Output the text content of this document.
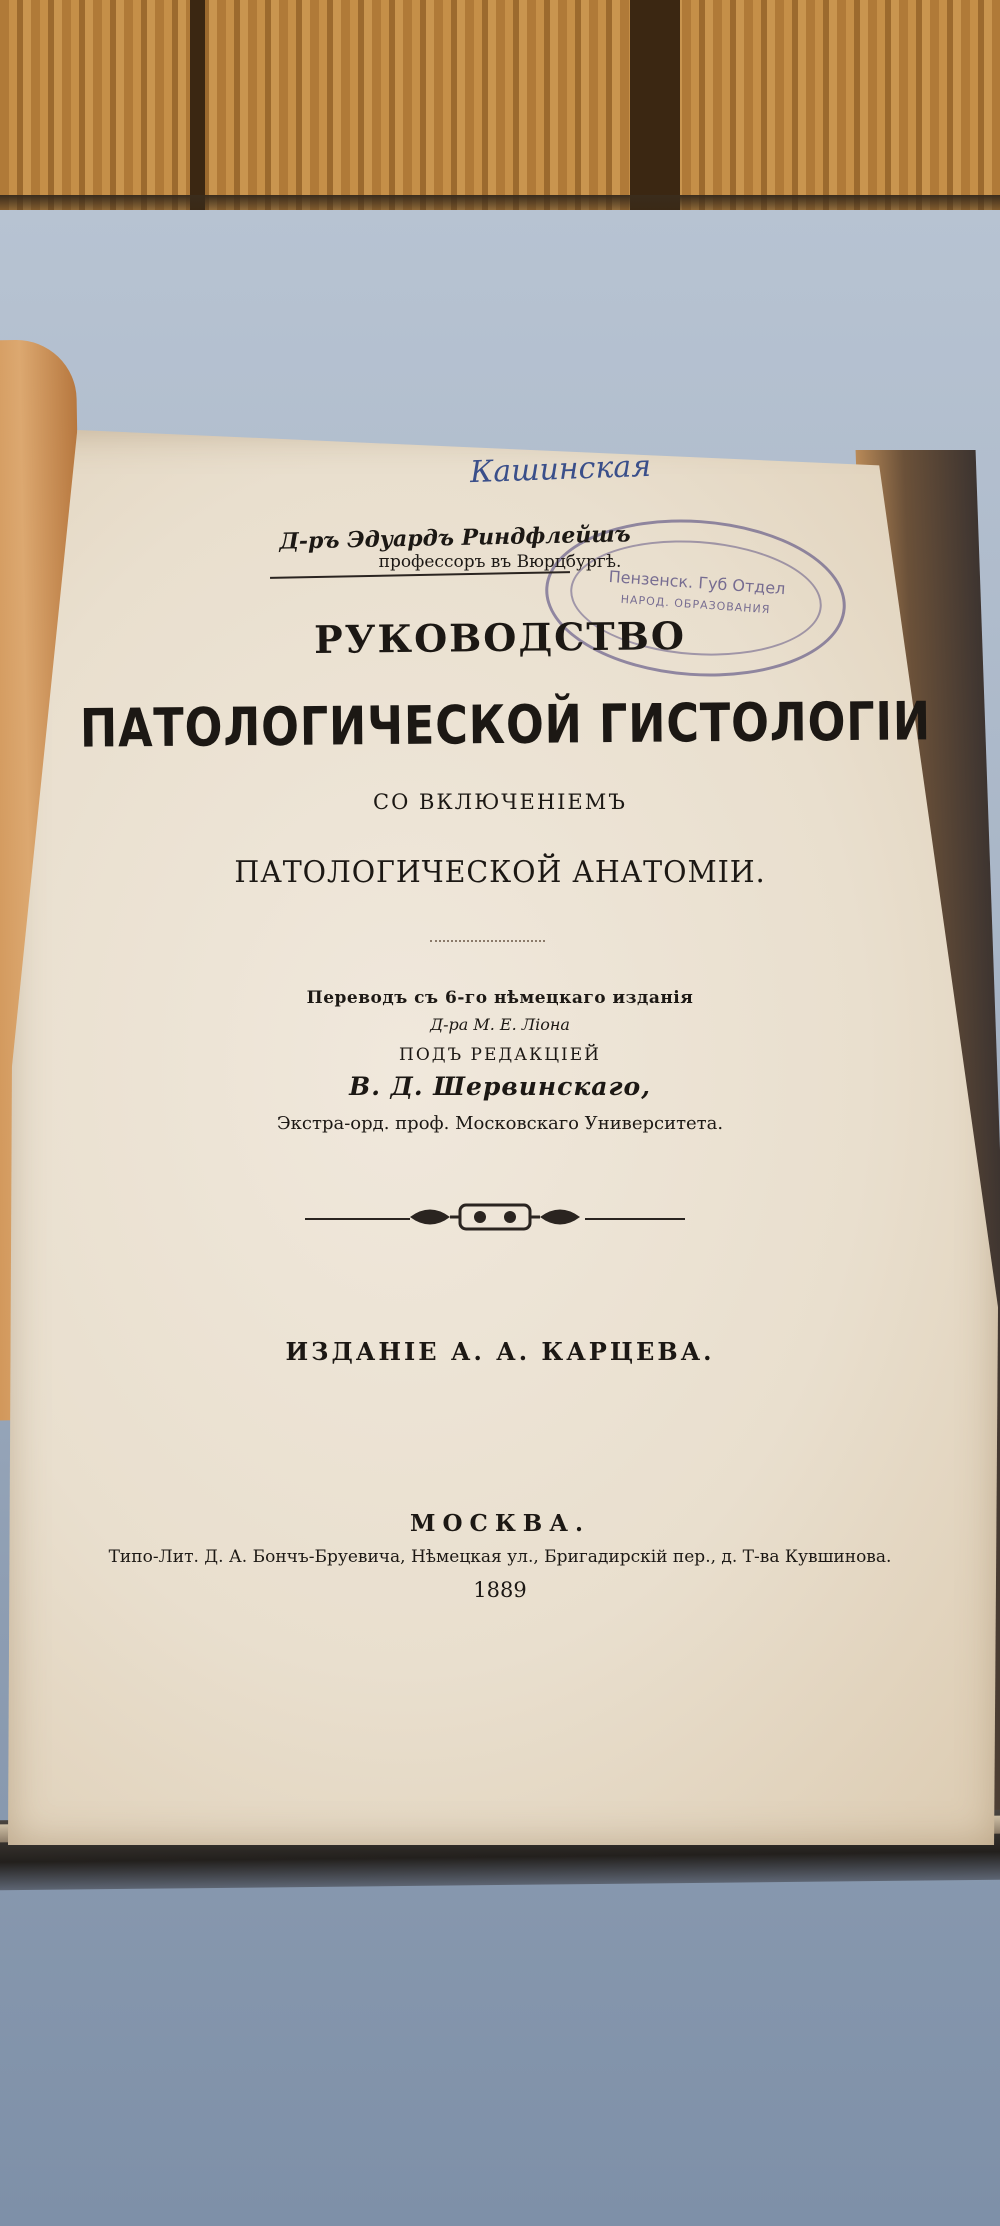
Кашинская
Пензенск. Губ Отдел
НАРОД. ОБРАЗОВАНИЯ
Д-ръ Эдуардъ Риндфлейшъ
профессоръ въ Вюрцбургѣ.
РУКОВОДСТВО
ПАТОЛОГИЧЕСКОЙ ГИСТОЛОГIИ
СО ВКЛЮЧЕНIЕМЪ
ПАТОЛОГИЧЕСКОЙ АНАТОМIИ.
Переводъ съ 6-го нѣмецкаго изданiя
Д-ра М. Е. Лiона
ПОДЪ РЕДАКЦIЕЙ
В. Д. Шервинскаго,
Экстра-орд. проф. Московскаго Университета.
ИЗДАНIЕ А. А. КАРЦЕВА.
МОСКВА.
Типо-Лит. Д. А. Бончъ-Бруевича, Нѣмецкая ул., Бригадирскiй пер., д. Т-ва Кувшинова.
1889
